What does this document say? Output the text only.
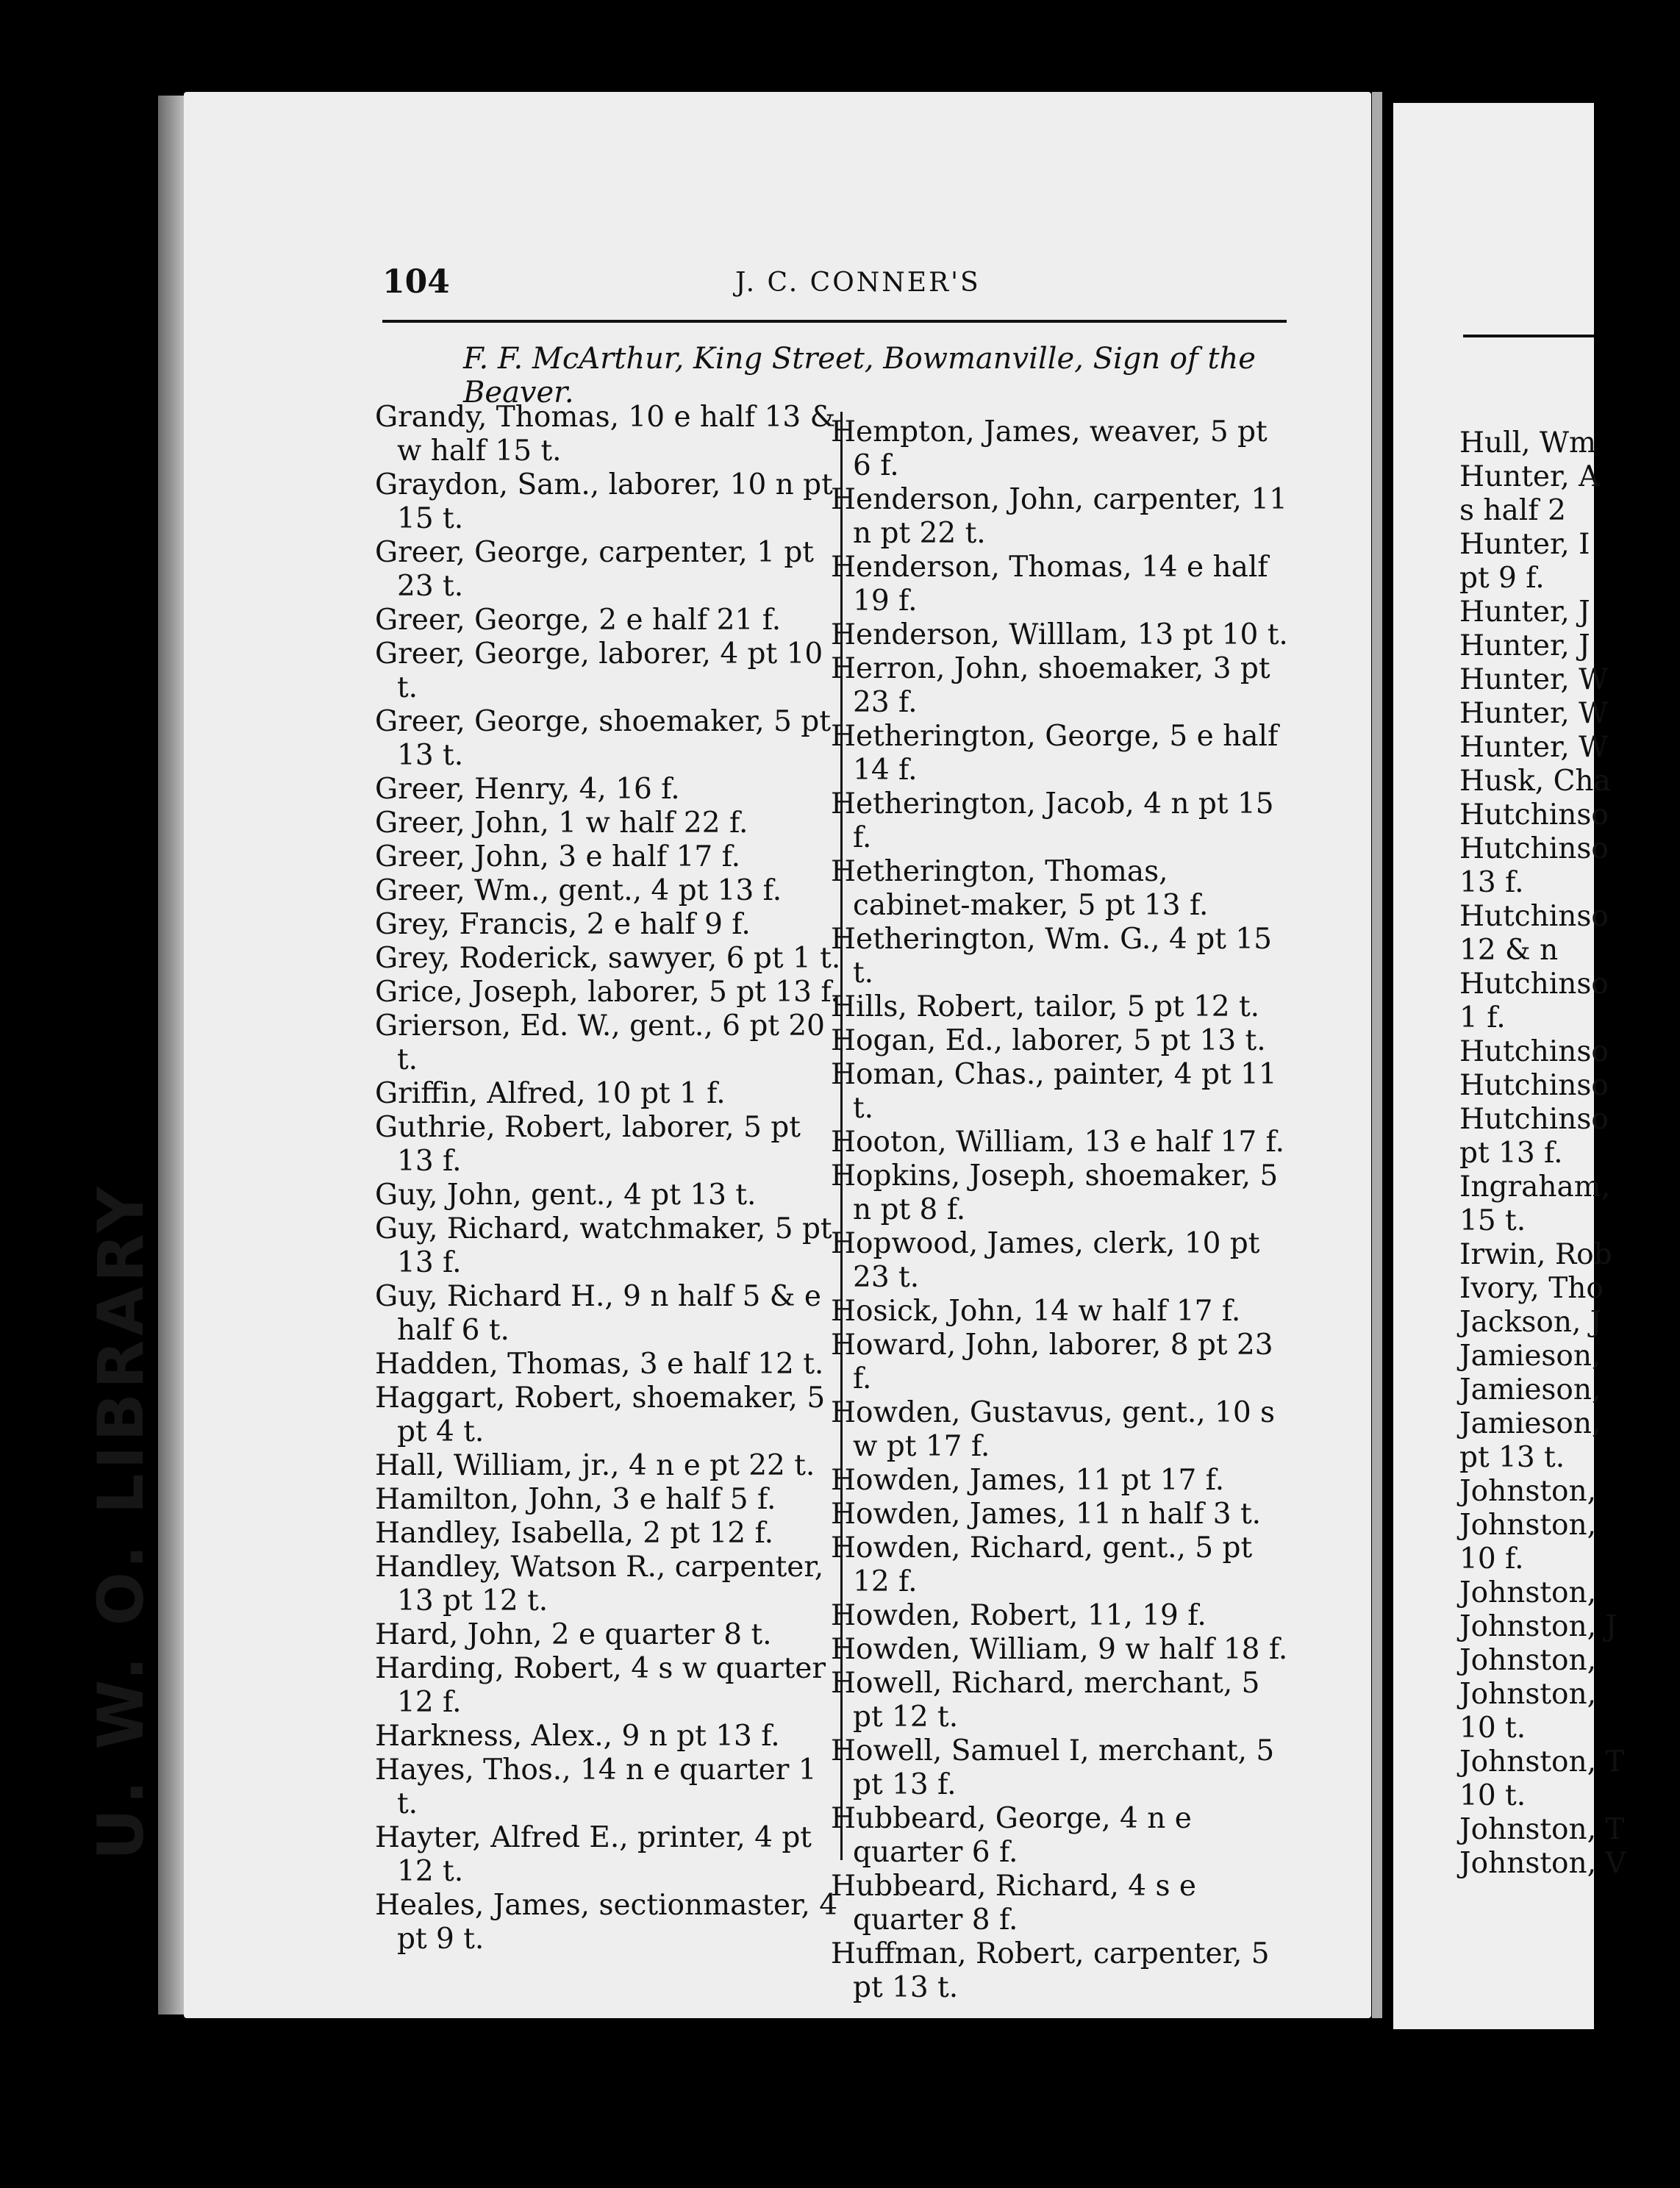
U. W. O. LIBRARY
104	J. C. CONNER'S
F. F. McArthur, King Street, Bowmanville, Sign of the Beaver.
Grandy, Thomas, 10 e half 13 & w half 15 t.
Graydon, Sam., laborer, 10 n pt 15 t.
Greer, George, carpenter, 1 pt 23 t.
Greer, George, 2 e half 21 f.
Greer, George, laborer, 4 pt 10 t.
Greer, George, shoemaker, 5 pt 13 t.
Greer, Henry, 4, 16 f.
Greer, John, 1 w half 22 f.
Greer, John, 3 e half 17 f.
Greer, Wm., gent., 4 pt 13 f.
Grey, Francis, 2 e half 9 f.
Grey, Roderick, sawyer, 6 pt 1 t.
Grice, Joseph, laborer, 5 pt 13 f.
Grierson, Ed. W., gent., 6 pt 20 t.
Griffin, Alfred, 10 pt 1 f.
Guthrie, Robert, laborer, 5 pt 13 f.
Guy, John, gent., 4 pt 13 t.
Guy, Richard, watchmaker, 5 pt 13 f.
Guy, Richard H., 9 n half 5 & e half 6 t.
Hadden, Thomas, 3 e half 12 t.
Haggart, Robert, shoemaker, 5 pt 4 t.
Hall, William, jr., 4 n e pt 22 t.
Hamilton, John, 3 e half 5 f.
Handley, Isabella, 2 pt 12 f.
Handley, Watson R., carpenter, 13 pt 12 t.
Hard, John, 2 e quarter 8 t.
Harding, Robert, 4 s w quarter 12 f.
Harkness, Alex., 9 n pt 13 f.
Hayes, Thos., 14 n e quarter 1 t.
Hayter, Alfred E., printer, 4 pt 12 t.
Heales, James, sectionmaster, 4 pt 9 t.
Hempton, James, weaver, 5 pt 6 f.
Henderson, John, carpenter, 11 n pt 22 t.
Henderson, Thomas, 14 e half 19 f.
Henderson, Willlam, 13 pt 10 t.
Herron, John, shoemaker, 3 pt 23 f.
Hetherington, George, 5 e half 14 f.
Hetherington, Jacob, 4 n pt 15 f.
Hetherington, Thomas, cabinet-maker, 5 pt 13 f.
Hetherington, Wm. G., 4 pt 15 t.
Hills, Robert, tailor, 5 pt 12 t.
Hogan, Ed., laborer, 5 pt 13 t.
Homan, Chas., painter, 4 pt 11 t.
Hooton, William, 13 e half 17 f.
Hopkins, Joseph, shoemaker, 5 n pt 8 f.
Hopwood, James, clerk, 10 pt 23 t.
Hosick, John, 14 w half 17 f.
Howard, John, laborer, 8 pt 23 f.
Howden, Gustavus, gent., 10 s w pt 17 f.
Howden, James, 11 pt 17 f.
Howden, James, 11 n half 3 t.
Howden, Richard, gent., 5 pt 12 f.
Howden, Robert, 11, 19 f.
Howden, William, 9 w half 18 f.
Howell, Richard, merchant, 5 pt 12 t.
Howell, Samuel I, merchant, 5 pt 13 f.
Hubbeard, George, 4 n e quarter 6 f.
Hubbeard, Richard, 4 s e quarter 8 f.
Huffman, Robert, carpenter, 5 pt 13 t.
Hull, Wm
Hunter, A
s half 2
Hunter, I
pt 9 f.
Hunter, J
Hunter, J
Hunter, W
Hunter, W
Hunter, W
Husk, Cha
Hutchinso
Hutchinso
13 f.
Hutchinso
12 & n
Hutchinso
1 f.
Hutchinso
Hutchinso
Hutchinso
pt 13 f.
Ingraham,
15 t.
Irwin, Rob
Ivory, Tho
Jackson, J
Jamieson,
Jamieson,
Jamieson,
pt 13 t.
Johnston,
Johnston,
10 f.
Johnston,
Johnston, J
Johnston,
Johnston,
10 t.
Johnston, T
10 t.
Johnston, T
Johnston, V
